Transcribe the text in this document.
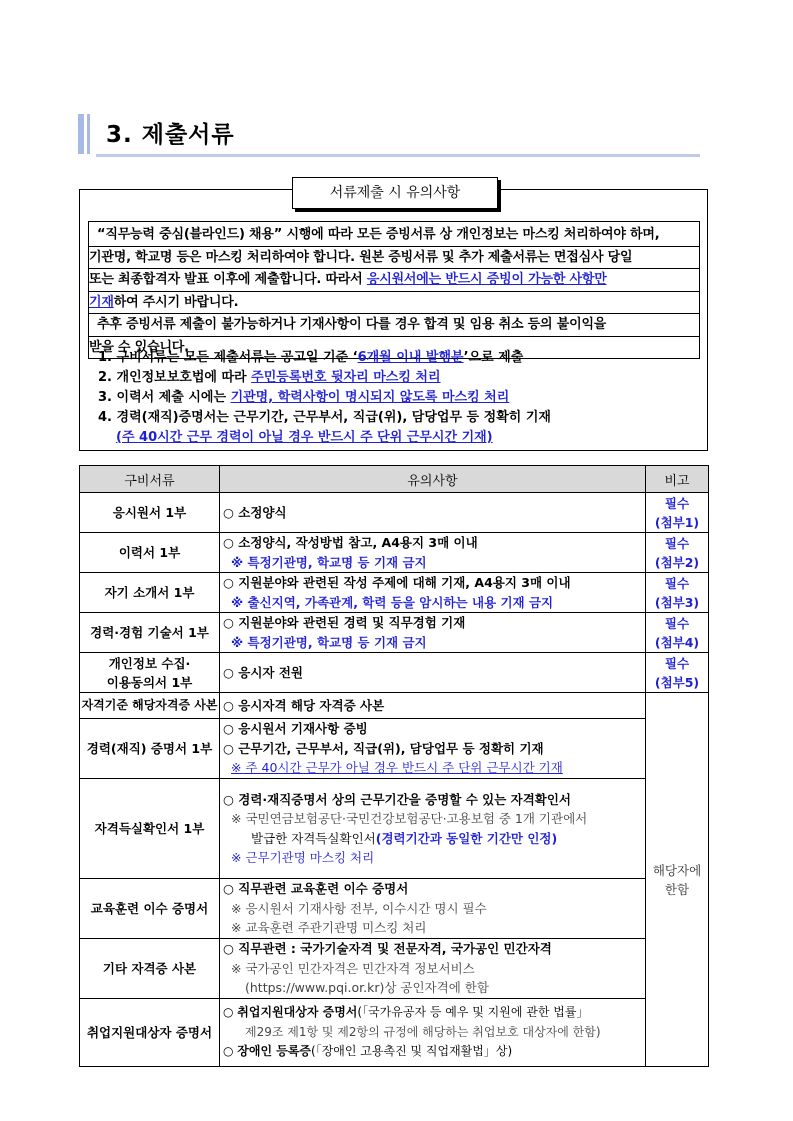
3. 제출서류
서류제출 시 유의사항

“직무능력 중심(블라인드) 채용” 시행에 따라 모든 증빙서류 상 개인정보는 마스킹 처리하여야 하며,

기관명, 학교명 등은 마스킹 처리하여야 합니다. 원본 증빙서류 및 추가 제출서류는 면접심사 당일

또는 최종합격자 발표 이후에 제출합니다. 따라서 응시원서에는 반드시 증빙이 가능한 사항만

기재하여 주시기 바랍니다.

추후 증빙서류 제출이 불가능하거나 기재사항이 다를 경우 합격 및 임용 취소 등의 불이익을

받을 수 있습니다.

1. 구비서류는 모든 제출서류는 공고일 기준 ‘6개월 이내 발행분’으로 제출
2. 개인정보보호법에 따라 주민등록번호 뒷자리 마스킹 처리
3. 이력서 제출 시에는 기관명, 학력사항이 명시되지 않도록 마스킹 처리
4. 경력(재직)증명서는 근무기간, 근무부서, 직급(위), 담당업무 등 정확히 기재
(주 40시간 근무 경력이 아닐 경우 반드시 주 단위 근무시간 기재)
구비서류	유의사항	비고

응시원서 1부	○ 소정양식	필수
(첨부1)

이력서 1부	○ 소정양식, 작성방법 참고, A4용지 3매 이내
※ 특정기관명, 학교명 등 기재 금지	필수
(첨부2)

자기 소개서 1부	○ 지원분야와 관련된 작성 주제에 대해 기재, A4용지 3매 이내
※ 출신지역, 가족관계, 학력 등을 암시하는 내용 기재 금지	필수
(첨부3)

경력·경험 기술서 1부	○ 지원분야와 관련된 경력 및 직무경험 기재
※ 특정기관명, 학교명 등 기재 금지	필수
(첨부4)

개인정보 수집·
이용동의서 1부	○ 응시자 전원	필수
(첨부5)

자격기준 해당자격증 사본	○ 응시자격 해당 자격증 사본	해당자에
한함

경력(재직) 증명서 1부	○ 응시원서 기재사항 증빙
○ 근무기간, 근무부서, 직급(위), 담당업무 등 정확히 기재
※ 주 40시간 근무가 아닐 경우 반드시 주 단위 근무시간 기재	

자격득실확인서 1부	○ 경력·재직증명서 상의 근무기간을 증명할 수 있는 자격확인서
※ 국민연금보험공단·국민건강보험공단·고용보험 중 1개 기관에서
발급한 자격득실확인서(경력기간과 동일한 기간만 인정)
※ 근무기관명 마스킹 처리	

교육훈련 이수 증명서	○ 직무관련 교육훈련 이수 증명서
※ 응시원서 기재사항 전부, 이수시간 명시 필수
※ 교육훈련 주관기관명 미스킹 처리	

기타 자격증 사본	○ 직무관련 : 국가기술자격 및 전문자격, 국가공인 민간자격
※ 국가공인 민간자격은 민간자격 정보서비스
(https://www.pqi.or.kr)상 공인자격에 한함	

취업지원대상자 증명서	○ 취업지원대상자 증명서(「국가유공자 등 예우 및 지원에 관한 법률」
제29조 제1항 및 제2항의 규정에 해당하는 취업보호 대상자에 한함)
○ 장애인 등록증(「장애인 고용촉진 및 직업재활법」상)	
